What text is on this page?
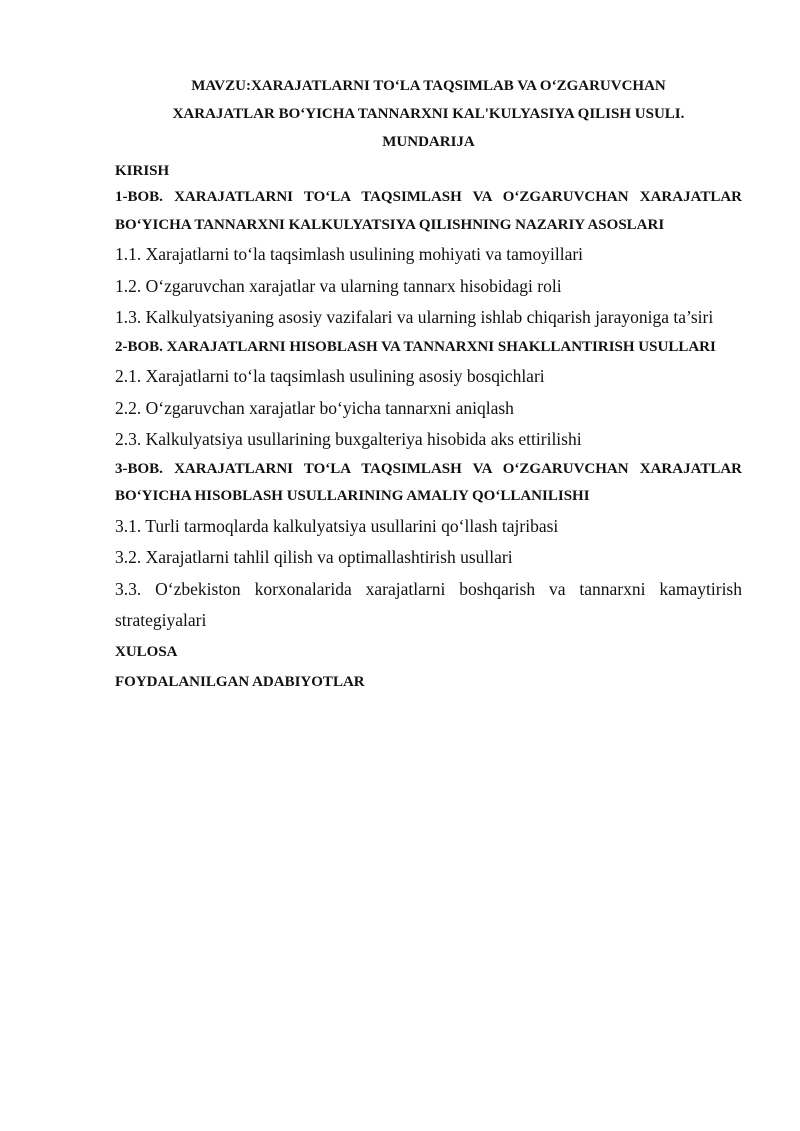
MAVZU:XARAJATLARNI TO‘LA TAQSIMLAB VA O‘ZGARUVCHAN

XARAJATLAR BO‘YICHA TANNARXNI KAL'KULYASIYA QILISH USULI.

MUNDARIJA

KIRISH

1-BOB. XARAJATLARNI TO‘LA TAQSIMLASH VA O‘ZGARUVCHAN XARAJATLAR BO‘YICHA TANNARXNI KALKULYATSIYA QILISHNING NAZARIY ASOSLARI

1.1. Xarajatlarni to‘la taqsimlash usulining mohiyati va tamoyillari

1.2. O‘zgaruvchan xarajatlar va ularning tannarx hisobidagi roli

1.3. Kalkulyatsiyaning asosiy vazifalari va ularning ishlab chiqarish jarayoniga ta’siri

2-BOB. XARAJATLARNI HISOBLASH VA TANNARXNI SHAKLLANTIRISH USULLARI

2.1. Xarajatlarni to‘la taqsimlash usulining asosiy bosqichlari

2.2. O‘zgaruvchan xarajatlar bo‘yicha tannarxni aniqlash

2.3. Kalkulyatsiya usullarining buxgalteriya hisobida aks ettirilishi

3-BOB. XARAJATLARNI TO‘LA TAQSIMLASH VA O‘ZGARUVCHAN XARAJATLAR BO‘YICHA HISOBLASH USULLARINING AMALIY QO‘LLANILISHI

3.1. Turli tarmoqlarda kalkulyatsiya usullarini qo‘llash tajribasi

3.2. Xarajatlarni tahlil qilish va optimallashtirish usullari

3.3. O‘zbekiston korxonalarida xarajatlarni boshqarish va tannarxni kamaytirish strategiyalari

XULOSA

FOYDALANILGAN ADABIYOTLAR
